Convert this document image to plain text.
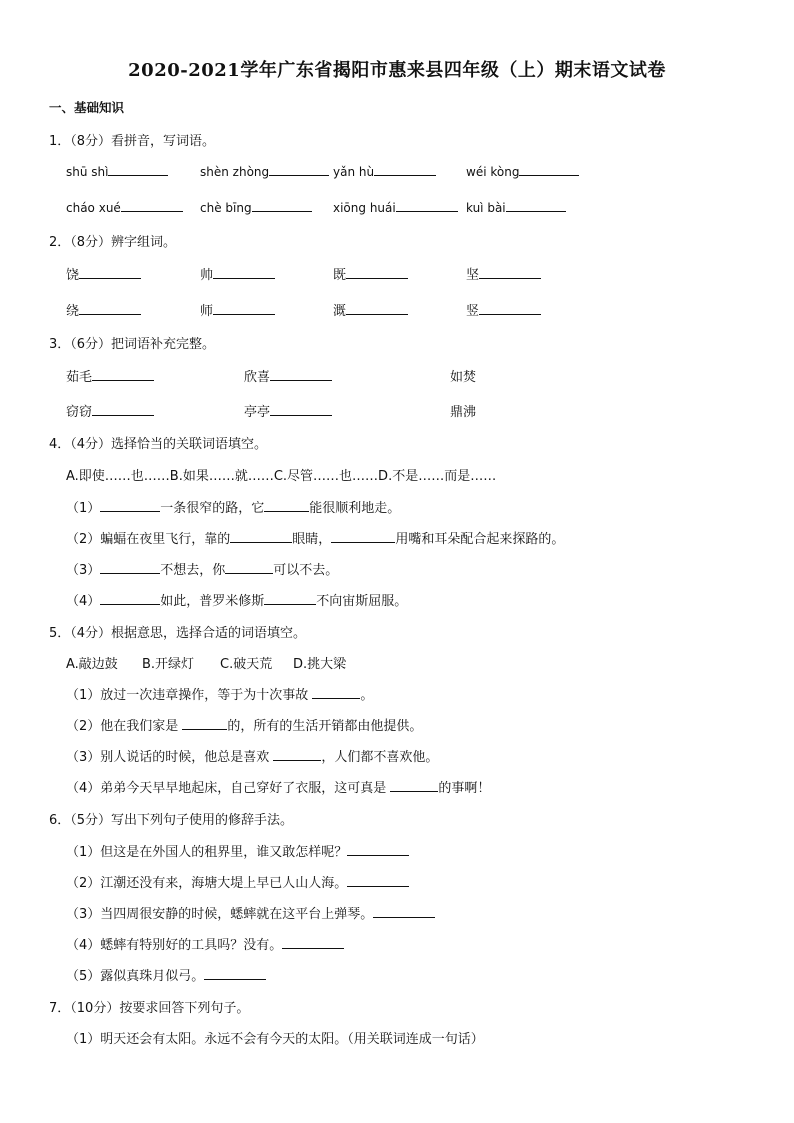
2020-2021学年广东省揭阳市惠来县四年级（上）期末语文试卷
一、基础知识
1．（8分）看拼音，写词语。
shū shì	shèn zhòng	yǎn hù	wéi kòng
cháo xué	chè bīng	xiōng huái	kuì bài
2．（8分）辨字组词。
饶	帅	既	坚
绕	师	溉	竖
3．（6分）把词语补充完整。
茹毛	欣喜	如焚
窃窃	亭亭	鼎沸
4．（4分）选择恰当的关联词语填空。
A.即使……也……B.如果……就……C.尽管……也……D.不是……而是……
（1）	一条很窄的路，它	能很顺利地走。
（2）蝙蝠在夜里飞行，靠的	眼睛，	用嘴和耳朵配合起来探路的。
（3）	不想去，你	可以不去。
（4）	如此，普罗米修斯	不向宙斯屈服。
5．（4分）根据意思，选择合适的词语填空。
A.敲边鼓 B.开绿灯 C.破天荒 D.挑大梁
（1）放过一次违章操作，等于为十次事故	。
（2）他在我们家是	的，所有的生活开销都由他提供。
（3）别人说话的时候，他总是喜欢	，人们都不喜欢他。
（4）弟弟今天早早地起床，自己穿好了衣服，这可真是	的事啊！
6．（5分）写出下列句子使用的修辞手法。
（1）但这是在外国人的租界里，谁又敢怎样呢？
（2）江潮还没有来，海塘大堤上早已人山人海。
（3）当四周很安静的时候，蟋蟀就在这平台上弹琴。
（4）蟋蟀有特别好的工具吗？没有。
（5）露似真珠月似弓。
7．（10分）按要求回答下列句子。
（1）明天还会有太阳。永远不会有今天的太阳。（用关联词连成一句话）
